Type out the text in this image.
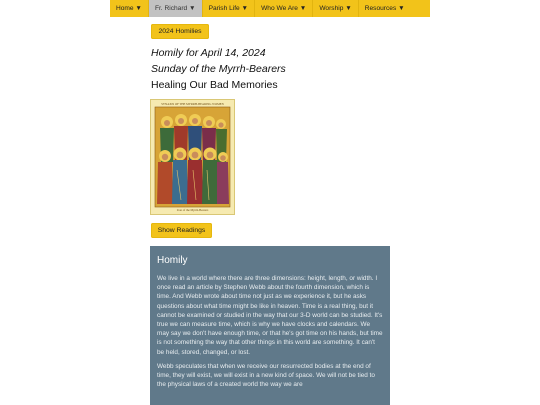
Home ▼	Fr. Richard ▼	Parish Life ▼	Who We Are ▼	Worship ▼	Resources ▼
2024 Homilies
Homily for April 14, 2024
Sunday of the Myrrh-Bearers
Healing Our Bad Memories
SYNAXIS OF THE MYRRH-BEARING WOMEN
Icon of the Myrrh-Bearers
Show Readings
Homily

We live in a world where there are three dimensions: height, length, or width. I once read an article by Stephen Webb about the fourth dimension, which is time. And Webb wrote about time not just as we experience it, but he asks questions about what time might be like in heaven. Time is a real thing, but it cannot be examined or studied in the way that our 3-D world can be studied. It's true we can measure time, which is why we have clocks and calendars. We may say we don't have enough time, or that he's got time on his hands, but time is not something the way that other things in this world are something. It can't be held, stored, changed, or lost.

Webb speculates that when we receive our resurrected bodies at the end of time, they will exist, we will exist in a new kind of space. We will not be tied to the physical laws of a created world the way we are
